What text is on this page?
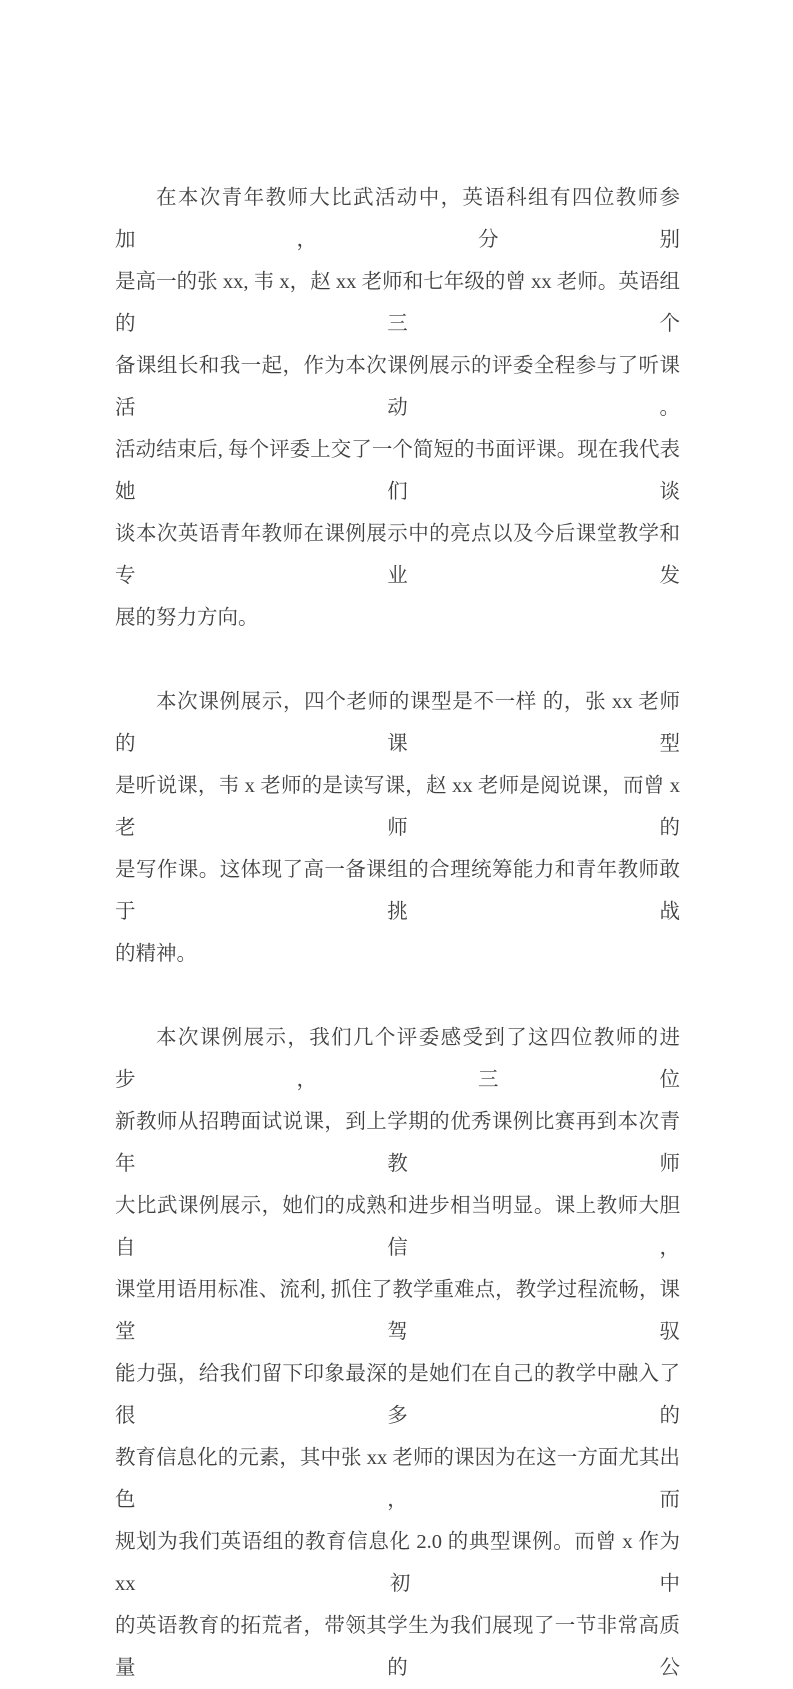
在本次青年教师大比武活动中，英语科组有四位教师参加，分别
是高一的张 xx, 韦 x，赵 xx 老师和七年级的曾 xx 老师。英语组的三个
备课组长和我一起，作为本次课例展示的评委全程参与了听课活动。
活动结束后, 每个评委上交了一个简短的书面评课。现在我代表她们谈
谈本次英语青年教师在课例展示中的亮点以及今后课堂教学和专业发
展的努力方向。
本次课例展示，四个老师的课型是不一样 的，张 xx 老师的课型
是听说课，韦 x 老师的是读写课，赵 xx 老师是阅说课，而曾 x 老师的
是写作课。这体现了高一备课组的合理统筹能力和青年教师敢于挑战
的精神。
本次课例展示，我们几个评委感受到了这四位教师的进步，三位
新教师从招聘面试说课，到上学期的优秀课例比赛再到本次青年教师
大比武课例展示，她们的成熟和进步相当明显。课上教师大胆自信，
课堂用语用标准、流利, 抓住了教学重难点，教学过程流畅，课堂驾驭
能力强，给我们留下印象最深的是她们在自己的教学中融入了很多的
教育信息化的元素，其中张 xx 老师的课因为在这一方面尤其出色，而
规划为我们英语组的教育信息化 2.0 的典型课例。而曾 x 作为 xx 初中
的英语教育的拓荒者，带领其学生为我们展现了一节非常高质量的公
